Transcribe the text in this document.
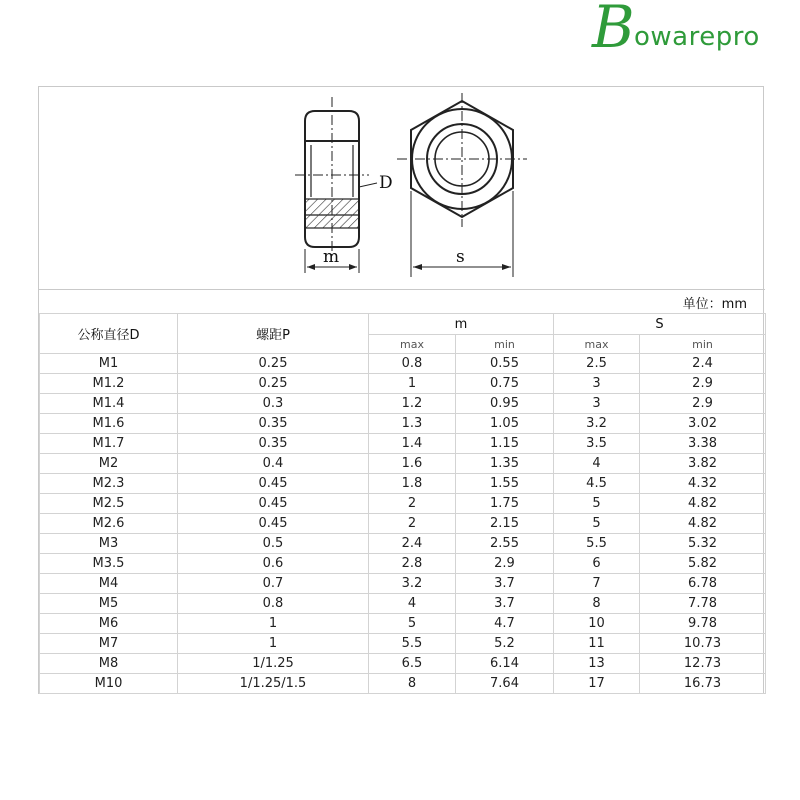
B owarepro
D
m	s
单位：mm
公称直径D	螺距P	m		S	
		max	min	max	min
M1	0.25	0.8	0.55	2.5	2.4
M1.2	0.25	1	0.75	3	2.9
M1.4	0.3	1.2	0.95	3	2.9
M1.6	0.35	1.3	1.05	3.2	3.02
M1.7	0.35	1.4	1.15	3.5	3.38
M2	0.4	1.6	1.35	4	3.82
M2.3	0.45	1.8	1.55	4.5	4.32
M2.5	0.45	2	1.75	5	4.82
M2.6	0.45	2	2.15	5	4.82
M3	0.5	2.4	2.55	5.5	5.32
M3.5	0.6	2.8	2.9	6	5.82
M4	0.7	3.2	3.7	7	6.78
M5	0.8	4	3.7	8	7.78
M6	1	5	4.7	10	9.78
M7	1	5.5	5.2	11	10.73
M8	1/1.25	6.5	6.14	13	12.73
M10	1/1.25/1.5	8	7.64	17	16.73
